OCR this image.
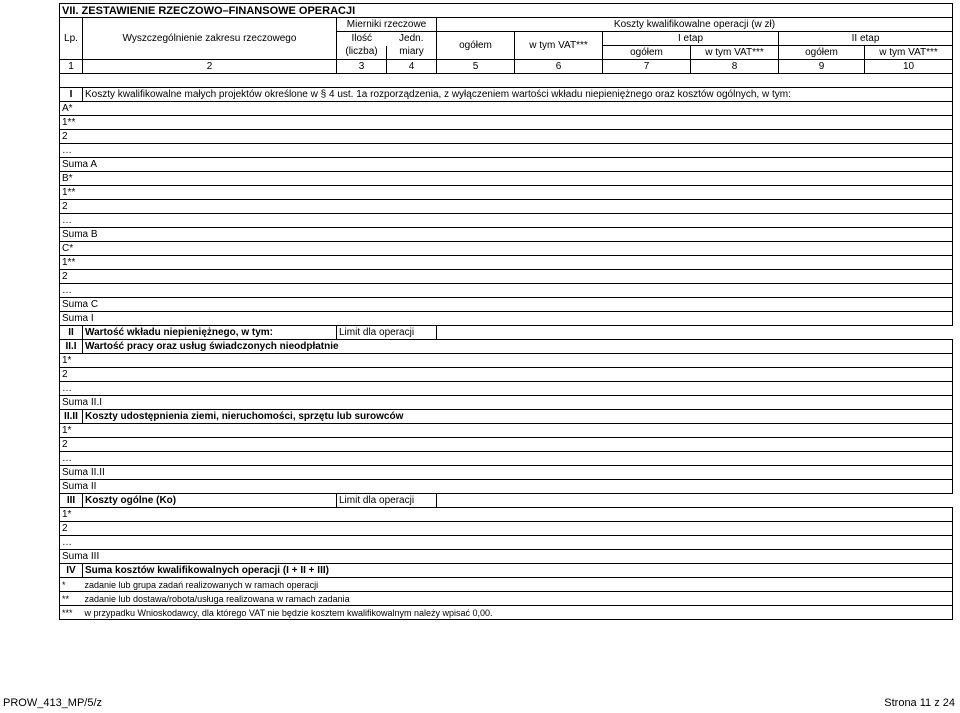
VII. ZESTAWIENIE RZECZOWO–FINANSOWE OPERACJI									
Lp.	Wyszczególnienie zakresu rzeczowego	Mierniki rzeczowe		Koszty kwalifikowalne operacji (w zł)					
		Ilość	Jedn.	ogółem	w tym VAT***	I etap		II etap	
		(liczba)	miary			ogółem	w tym VAT***	ogółem	w tym VAT***
1	2	3	4	5	6	7	8	9	10

I	Koszty kwalifikowalne małych projektów określone w § 4 ust. 1a rozporządzenia, z wyłączeniem wartości wkładu niepieniężnego oraz kosztów ogólnych, w tym:								
A*									
1**									
2									
…									
Suma A									
B*									
1**									
2									
…									
Suma B									
C*									
1**									
2									
…									
Suma C									
Suma I									
II	Wartość wkładu niepieniężnego, w tym:	Limit dla operacji							
II.I	Wartość pracy oraz usług świadczonych nieodpłatnie								
1*									
2									
…									
Suma II.I									
II.II	Koszty udostępnienia ziemi, nieruchomości, sprzętu lub surowców								
1*									
2									
…									
Suma II.II									
Suma II									
III	Koszty ogólne (Ko)	Limit dla operacji							
1*									
2									
…									
Suma III									
IV	Suma kosztów kwalifikowalnych operacji (I + II + III)								
*	zadanie lub grupa zadań realizowanych w ramach operacji								
**	zadanie lub dostawa/robota/usługa realizowana w ramach zadania								
***	w przypadku Wnioskodawcy, dla którego VAT nie będzie kosztem kwalifikowalnym należy wpisać 0,00.								
PROW_413_MP/5/z	Strona 11 z 24
